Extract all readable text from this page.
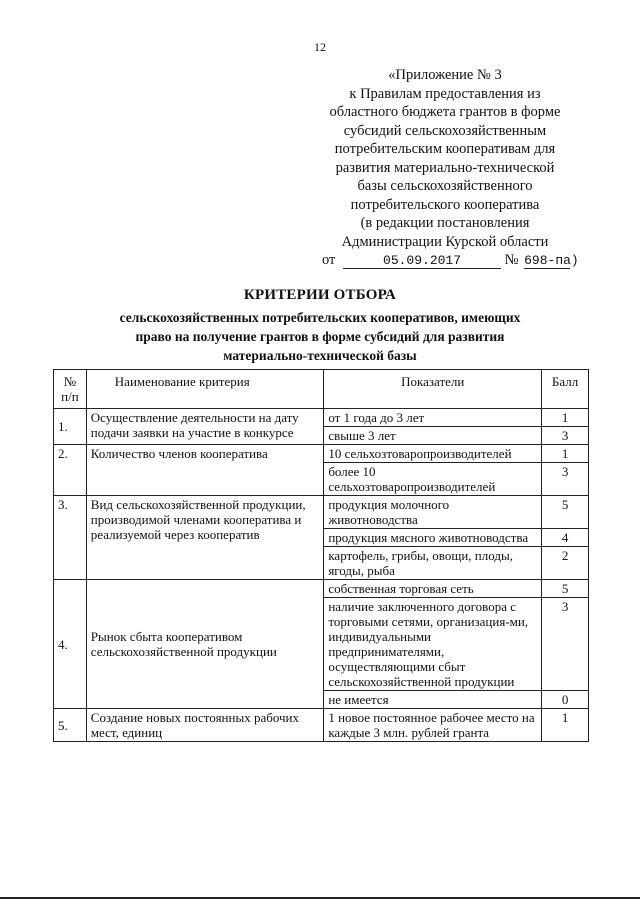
12
«Приложение № 3
к Правилам предоставления из
областного бюджета грантов в форме
субсидий сельскохозяйственным
потребительским кооперативам для
развития материально-технической
базы сельскохозяйственного
потребительского кооператива
(в редакции постановления
Администрации Курской области
от	05.09.2017	№ 698-па)
КРИТЕРИИ ОТБОРА
сельскохозяйственных потребительских кооперативов, имеющих
право на получение грантов в форме субсидий для развития
материально-технической базы
№ п/п	Наименование критерия	Показатели	Балл
1.	Осуществление деятельности на дату подачи заявки на участие в конкурсе	от 1 года до 3 лет	1
		свыше 3 лет	3
2.	Количество членов кооператива	10 сельхозтоваропроизводителей	1
		более 10 сельхозтоваропроизводителей	3
3.	Вид сельскохозяйственной продукции, производимой членами кооператива и реализуемой через кооператив	продукция молочного животноводства	5
		продукция мясного животноводства	4
		картофель, грибы, овощи, плоды, ягоды, рыба	2
4.	Рынок сбыта кооперативом сельскохозяйственной продукции	собственная торговая сеть	5
		наличие заключенного договора с торговыми сетями, организация-ми, индивидуальными предпринимателями, осуществляющими сбыт сельскохозяйственной продукции	3
		не имеется	0
5.	Создание новых постоянных рабочих мест, единиц	1 новое постоянное рабочее место на каждые 3 млн. рублей гранта	1
